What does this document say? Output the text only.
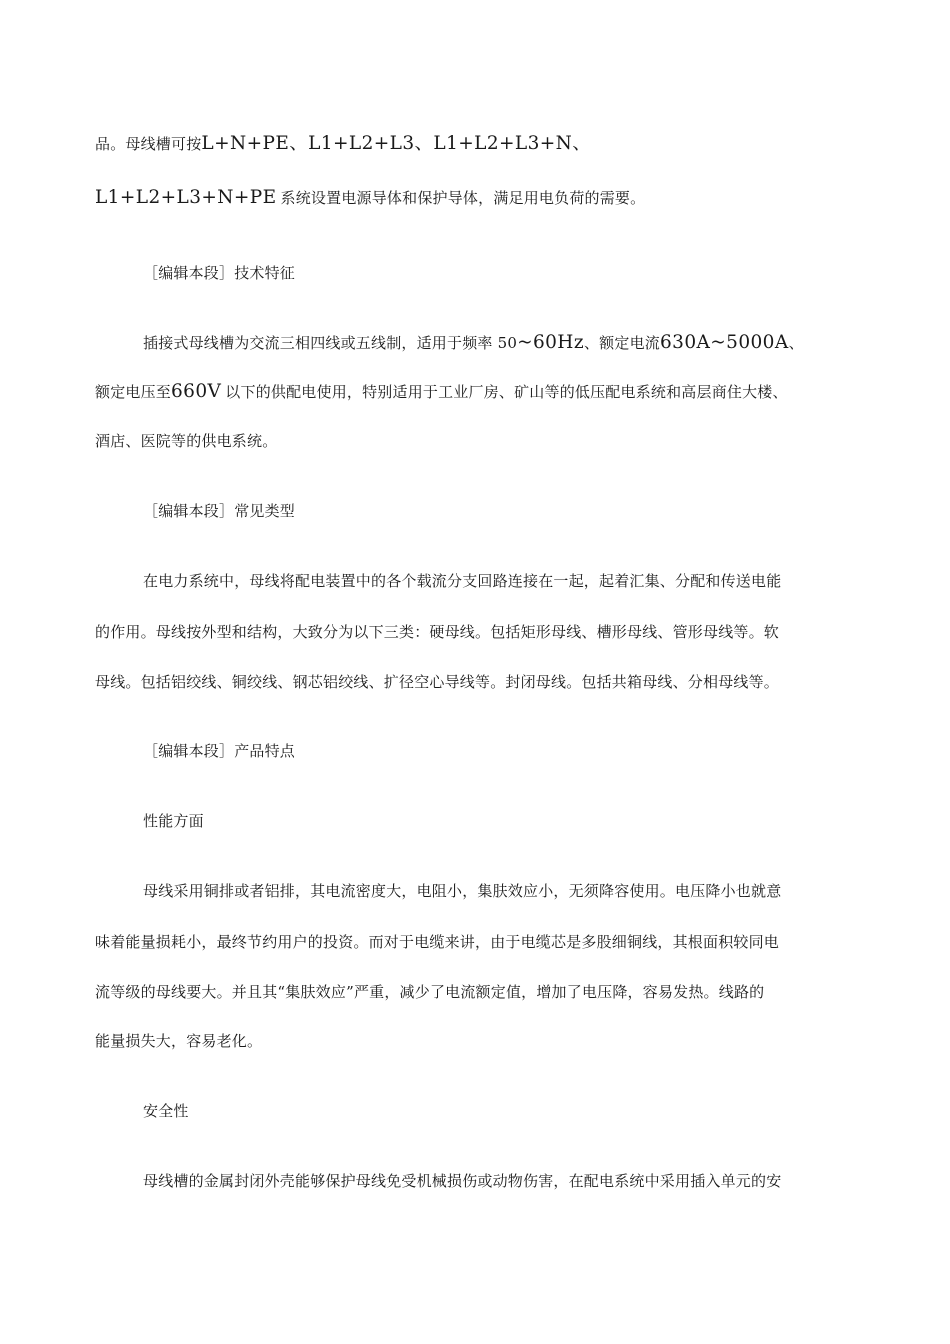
品。母线槽可按L+N+PE、L1+L2+L3、L1+L2+L3+N、
L1+L2+L3+N+PE 系统设置电源导体和保护导体，满足用电负荷的需要。
［编辑本段］技术特征
插接式母线槽为交流三相四线或五线制，适用于频率 50~60Hz、额定电流630A~5000A、
额定电压至660V 以下的供配电使用，特别适用于工业厂房、矿山等的低压配电系统和高层商住大楼、
酒店、医院等的供电系统。
［编辑本段］常见类型
在电力系统中，母线将配电装置中的各个载流分支回路连接在一起，起着汇集、分配和传送电能
的作用。母线按外型和结构，大致分为以下三类：硬母线。包括矩形母线、槽形母线、管形母线等。软
母线。包括铝绞线、铜绞线、钢芯铝绞线、扩径空心导线等。封闭母线。包括共箱母线、分相母线等。
［编辑本段］产品特点
性能方面
母线采用铜排或者铝排，其电流密度大，电阻小，集肤效应小，无须降容使用。电压降小也就意
味着能量损耗小，最终节约用户的投资。而对于电缆来讲，由于电缆芯是多股细铜线，其根面积较同电
流等级的母线要大。并且其“集肤效应”严重，减少了电流额定值，增加了电压降，容易发热。线路的
能量损失大，容易老化。
安全性
母线槽的金属封闭外壳能够保护母线免受机械损伤或动物伤害，在配电系统中采用插入单元的安
